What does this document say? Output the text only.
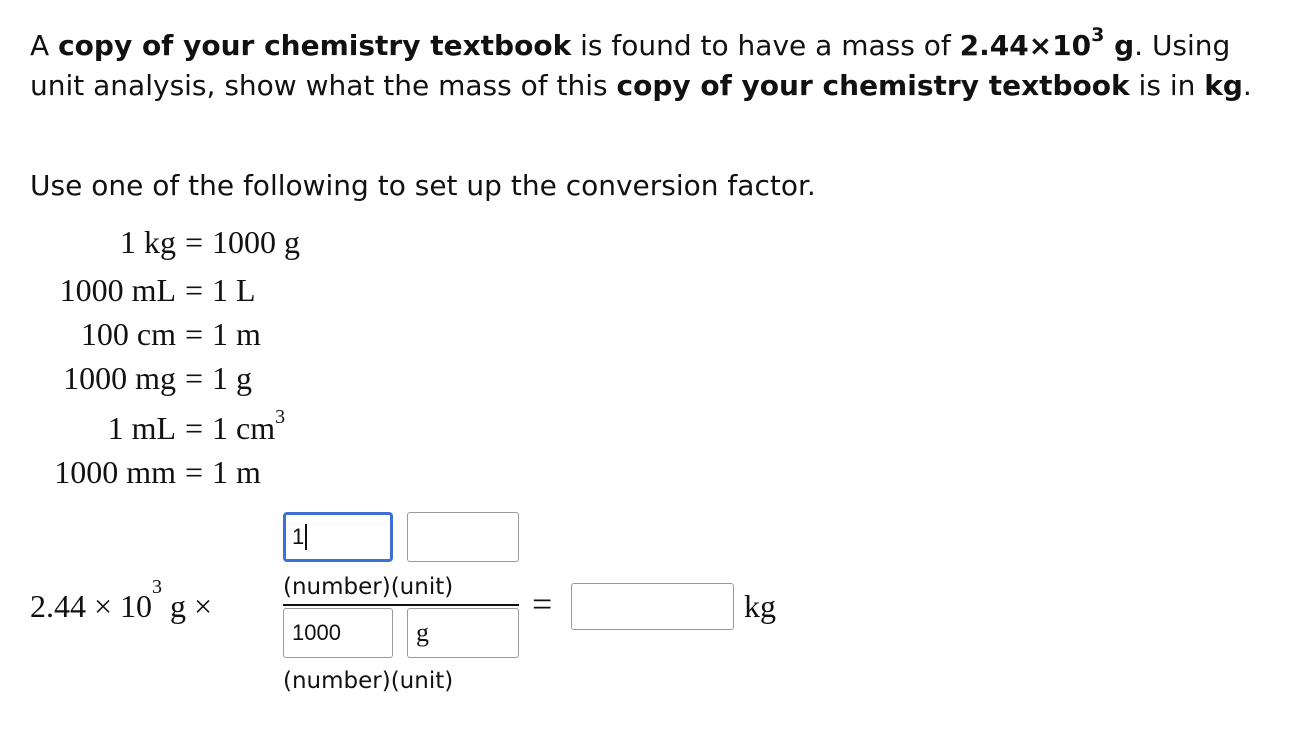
A copy of your chemistry textbook is found to have a mass of $2.44\times 10^3$ g. Using unit analysis, show what the mass of this copy of your chemistry textbook is in kg.

Use one of the following to set up the conversion factor.

1 kg = 1000 g
1000 mL = 1 L
100 cm = 1 m
1000 mg = 1 g
1 mL = 1 $cm^3$
1000 mm = 1 m
$2.44 \times 10^3$ g ×
1
(number)(unit)
1000	g
(number)(unit)
=	kg
